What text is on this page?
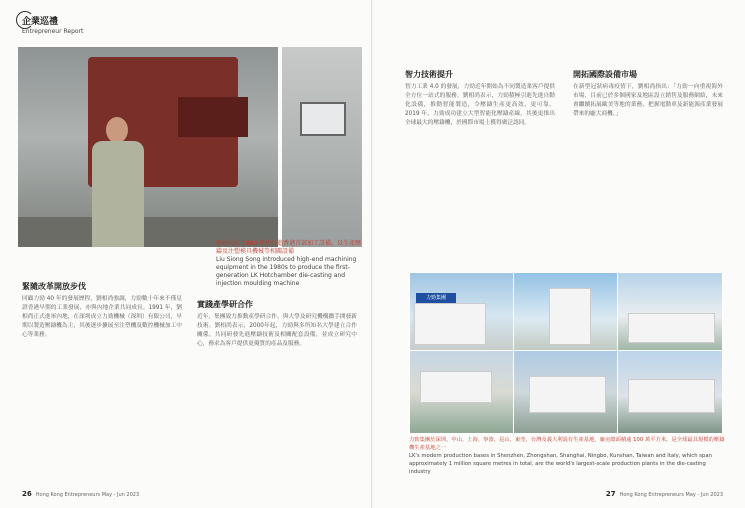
企業巡禮
Entrepreneur Report
劉相尚於 1980 年代引進香港首部加工設備，以生產壓 鑄及注塑模具機械等相關設備
Liu Siong Song introduced high-end machining equipment in the 1980s to produce the first-generation LK Hotchamber die-casting and injection moulding machine
緊隨改革開放步伐
回顧力勁 40 年的發展歷程，劉相尚強調，力勁數十年來不僅見證香港早期的工業發展，亦與內地企業共同成長。1991 年，劉相尚正式進軍內地，在深圳成立力勁機械（深圳）有限公司，早期以製造壓鑄機為主，其後逐步擴展至注塑機及數控機械加工中心等業務。
實踐產學研合作
近年，集團致力推動產學研合作，與大學及研究機構攜手開發新技術。劉相尚表示，2000年起，力勁與多所知名大學建立合作關係，共同研發先進壓鑄技術及相關配套設備，並成立研究中心，務求為客戶提供更優質的產品及服務。
26 Hong Kong Entrepreneurs May - Jun 2023
智力技術提升
智力工業 4.0 的發展，力勁近年開始為不同製造業客戶提供全方位一站式的服務。劉相尚表示，力勁積極引進先進自動化設備，推動智能製造，令壓鑄生產更高效、更可靠。2019 年，力勁成功建立大型智能化壓鑄產線，其後更推出全球最大的壓鑄機，於國際市場上獲得廣泛認同。
開拓國際設備市場
在新型冠狀病毒疫情下，劉相尚指出：「力勁一向重視海外市場，目前已於多個國家及地區設立銷售及服務網絡，未來會繼續拓展歐美等地的業務，把握電動車及新能源產業發展帶來的龐大商機。」
力勁集團
力勁集團於深圳、中山、上海、寧波、昆山、東莞、台灣及義大利設有生產基地，廠房總面積逾 100 萬平方米，是全球最具規模的壓鑄機生產基地之一
LK's modern production bases in Shenzhen, Zhongshan, Shanghai, Ningbo, Kunshan, Taiwan and Italy, which span approximately 1 million square metres in total, are the world's largest-scale production plants in the die-casting industry
27 Hong Kong Entrepreneurs May - Jun 2023
